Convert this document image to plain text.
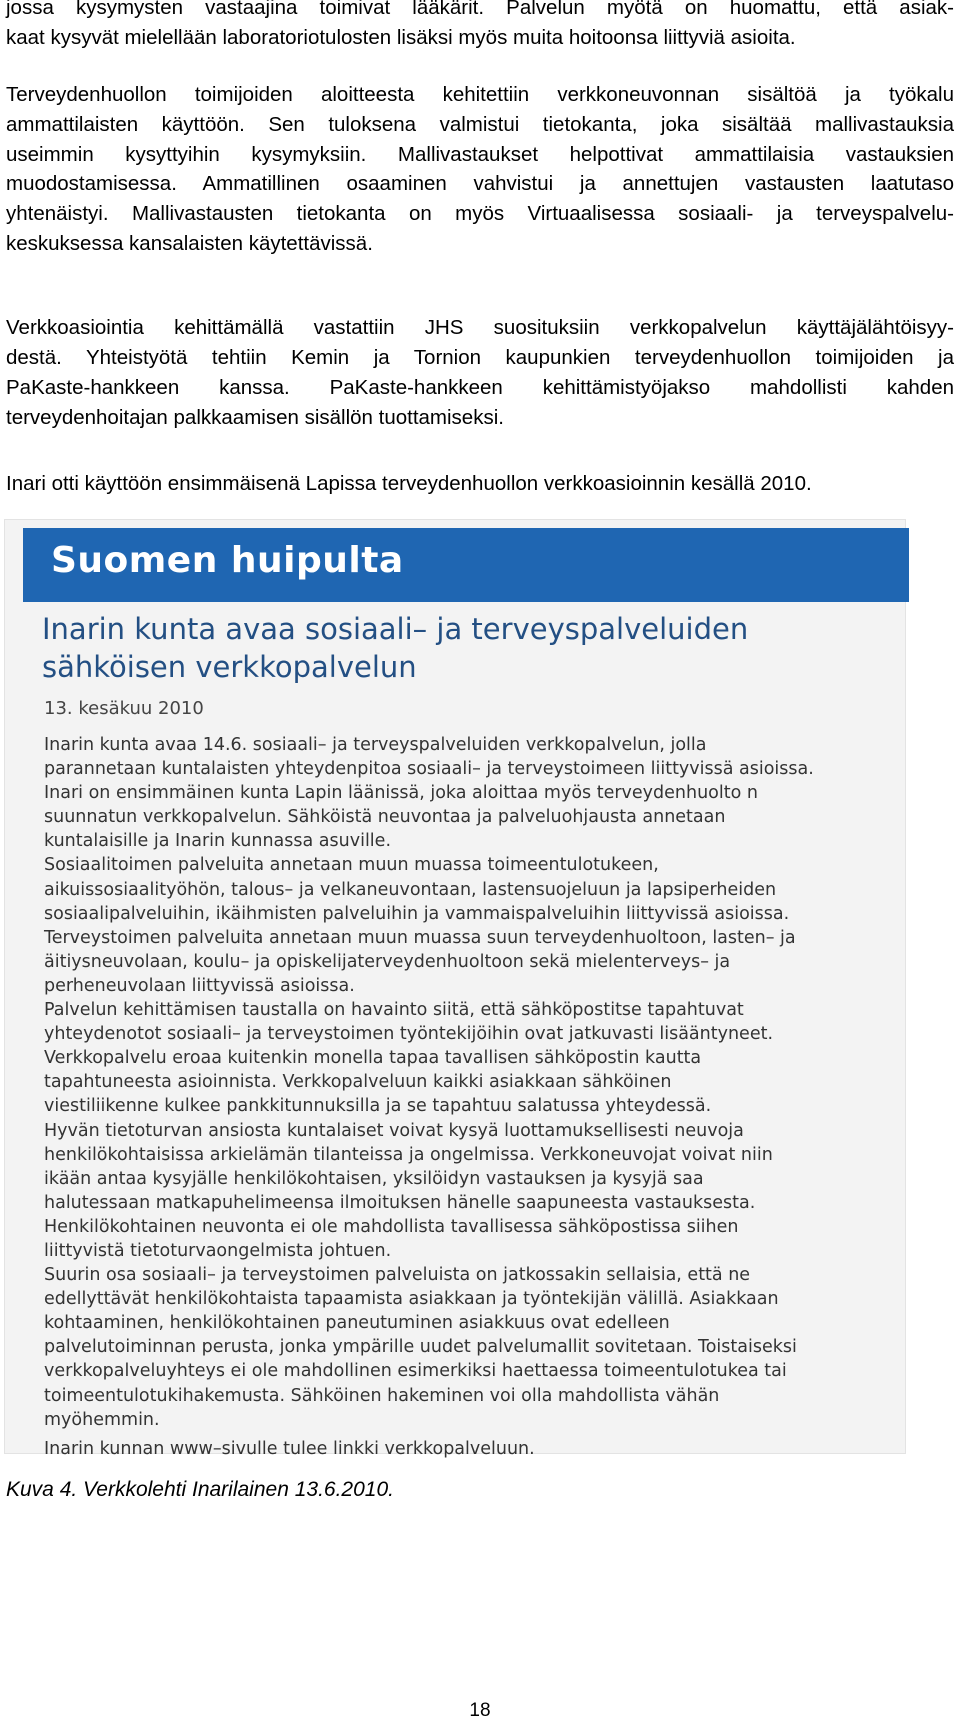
jossa kysymysten vastaajina toimivat lääkärit. Palvelun myötä on huomattu, että asiak-
kaat kysyvät mielellään laboratoriotulosten lisäksi myös muita hoitoonsa liittyviä asioita.

Terveydenhuollon toimijoiden aloitteesta kehitettiin verkkoneuvonnan sisältöä ja työkalu
ammattilaisten käyttöön. Sen tuloksena valmistui tietokanta, joka sisältää mallivastauksia
useimmin kysyttyihin kysymyksiin. Mallivastaukset helpottivat ammattilaisia vastauksien
muodostamisessa. Ammatillinen osaaminen vahvistui ja annettujen vastausten laatutaso
yhtenäistyi. Mallivastausten tietokanta on myös Virtuaalisessa sosiaali- ja terveyspalvelu-
keskuksessa kansalaisten käytettävissä.

Verkkoasiointia kehittämällä vastattiin JHS suosituksiin verkkopalvelun käyttäjälähtöisyy-
destä. Yhteistyötä tehtiin Kemin ja Tornion kaupunkien terveydenhuollon toimijoiden ja
PaKaste-hankkeen kanssa. PaKaste-hankkeen kehittämistyöjakso mahdollisti kahden
terveydenhoitajan palkkaamisen sisällön tuottamiseksi.

Inari otti käyttöön ensimmäisenä Lapissa terveydenhuollon verkkoasioinnin kesällä 2010.

Suomen huipulta
Inarin kunta avaa sosiaali– ja terveyspalveluiden
sähköisen verkkopalvelun
13. kesäkuu 2010

Inarin kunta avaa 14.6. sosiaali– ja terveyspalveluiden verkkopalvelun, jolla
parannetaan kuntalaisten yhteydenpitoa sosiaali– ja terveystoimeen liittyvissä asioissa.
Inari on ensimmäinen kunta Lapin läänissä, joka aloittaa myös terveydenhuolto n
suunnatun verkkopalvelun. Sähköistä neuvontaa ja palveluohjausta annetaan
kuntalaisille ja Inarin kunnassa asuville.
Sosiaalitoimen palveluita annetaan muun muassa toimeentulotukeen,
aikuissosiaalityöhön, talous– ja velkaneuvontaan, lastensuojeluun ja lapsiperheiden
sosiaalipalveluihin, ikäihmisten palveluihin ja vammaispalveluihin liittyvissä asioissa.
Terveystoimen palveluita annetaan muun muassa suun terveydenhuoltoon, lasten– ja
äitiysneuvolaan, koulu– ja opiskelijaterveydenhuoltoon sekä mielenterveys– ja
perheneuvolaan liittyvissä asioissa.
Palvelun kehittämisen taustalla on havainto siitä, että sähköpostitse tapahtuvat
yhteydenotot sosiaali– ja terveystoimen työntekijöihin ovat jatkuvasti lisääntyneet.
Verkkopalvelu eroaa kuitenkin monella tapaa tavallisen sähköpostin kautta
tapahtuneesta asioinnista. Verkkopalveluun kaikki asiakkaan sähköinen
viestiliikenne kulkee pankkitunnuksilla ja se tapahtuu salatussa yhteydessä.
Hyvän tietoturvan ansiosta kuntalaiset voivat kysyä luottamuksellisesti neuvoja
henkilökohtaisissa arkielämän tilanteissa ja ongelmissa. Verkkoneuvojat voivat niin
ikään antaa kysyjälle henkilökohtaisen, yksilöidyn vastauksen ja kysyjä saa
halutessaan matkapuhelimeensa ilmoituksen hänelle saapuneesta vastauksesta.
Henkilökohtainen neuvonta ei ole mahdollista tavallisessa sähköpostissa siihen
liittyvistä tietoturvaongelmista johtuen.
Suurin osa sosiaali– ja terveystoimen palveluista on jatkossakin sellaisia, että ne
edellyttävät henkilökohtaista tapaamista asiakkaan ja työntekijän välillä. Asiakkaan
kohtaaminen, henkilökohtainen paneutuminen asiakkuus ovat edelleen
palvelutoiminnan perusta, jonka ympärille uudet palvelumallit sovitetaan. Toistaiseksi
verkkopalveluyhteys ei ole mahdollinen esimerkiksi haettaessa toimeentulotukea tai
toimeentulotukihakemusta. Sähköinen hakeminen voi olla mahdollista vähän
myöhemmin.
Inarin kunnan www–sivulle tulee linkki verkkopalveluun.

Kuva 4. Verkkolehti Inarilainen 13.6.2010.

18
